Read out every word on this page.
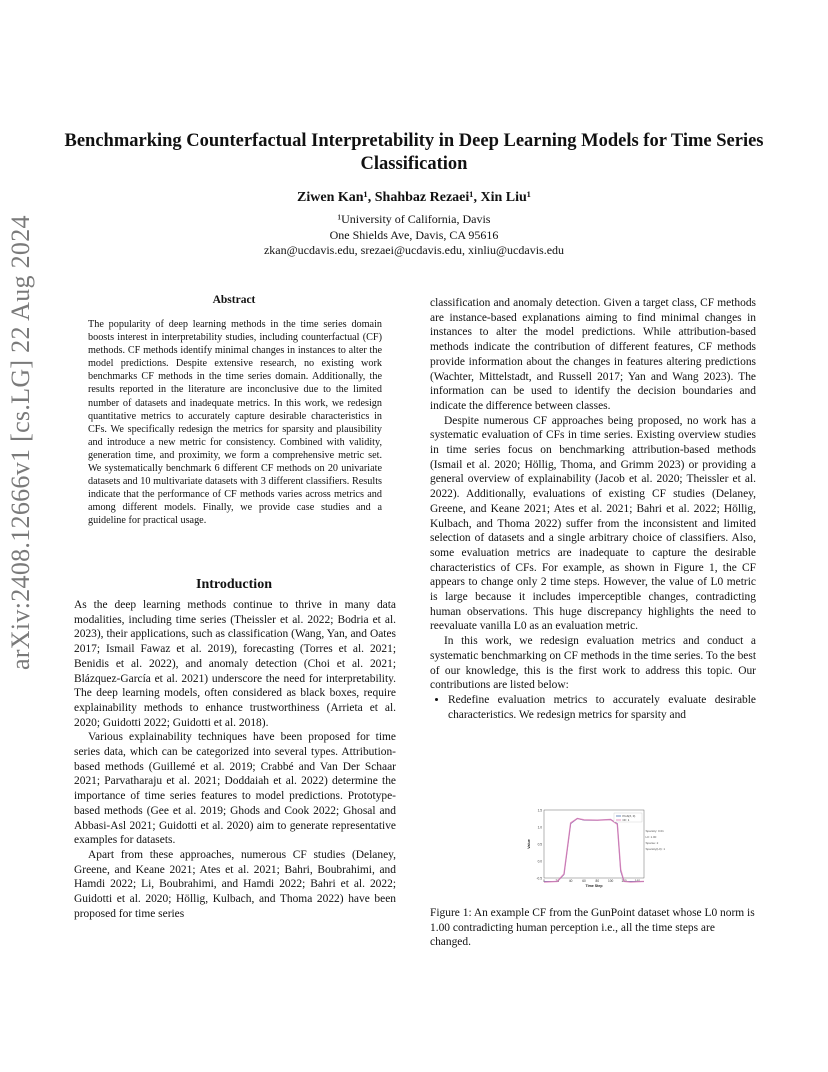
Benchmarking Counterfactual Interpretability in Deep Learning Models for Time Series Classification
Ziwen Kan¹, Shahbaz Rezaei¹, Xin Liu¹
¹University of California, Davis
One Shields Ave, Davis, CA 95616
zkan@ucdavis.edu, srezaei@ucdavis.edu, xinliu@ucdavis.edu
arXiv:2408.12666v1 [cs.LG] 22 Aug 2024	Abstract
The popularity of deep learning methods in the time series domain boosts interest in interpretability studies, including counterfactual (CF) methods. CF methods identify minimal changes in instances to alter the model predictions. Despite extensive research, no existing work benchmarks CF methods in the time series domain. Additionally, the results reported in the literature are inconclusive due to the limited number of datasets and inadequate metrics. In this work, we redesign quantitative metrics to accurately capture desirable characteristics in CFs. We specifically redesign the metrics for sparsity and plausibility and introduce a new metric for consistency. Combined with validity, generation time, and proximity, we form a comprehensive metric set. We systematically benchmark 6 different CF methods on 20 univariate datasets and 10 multivariate datasets with 3 different classifiers. Results indicate that the performance of CF methods varies across metrics and among different models. Finally, we provide case studies and a guideline for practical usage.
Introduction

As the deep learning methods continue to thrive in many data modalities, including time series (Theissler et al. 2022; Bodria et al. 2023), their applications, such as classification (Wang, Yan, and Oates 2017; Ismail Fawaz et al. 2019), forecasting (Torres et al. 2021; Benidis et al. 2022), and anomaly detection (Choi et al. 2021; Blázquez-García et al. 2021) underscore the need for interpretability. The deep learning models, often considered as black boxes, require explainability methods to enhance trustworthiness (Arrieta et al. 2020; Guidotti 2022; Guidotti et al. 2018).

Various explainability techniques have been proposed for time series data, which can be categorized into several types. Attribution-based methods (Guillemé et al. 2019; Crabbé and Van Der Schaar 2021; Parvatharaju et al. 2021; Doddaiah et al. 2022) determine the importance of time series features to model predictions. Prototype-based methods (Gee et al. 2019; Ghods and Cook 2022; Ghosal and Abbasi-Asl 2021; Guidotti et al. 2020) aim to generate representative examples for datasets.

Apart from these approaches, numerous CF studies (Delaney, Greene, and Keane 2021; Ates et al. 2021; Bahri, Boubrahimi, and Hamdi 2022; Li, Boubrahimi, and Hamdi 2022; Bahri et al. 2022; Guidotti et al. 2020; Höllig, Kulbach, and Thoma 2022) have been proposed for time series

classification and anomaly detection. Given a target class, CF methods are instance-based explanations aiming to find minimal changes in instances to alter the model predictions. While attribution-based methods indicate the contribution of different features, CF methods provide information about the changes in features altering predictions (Wachter, Mittelstadt, and Russell 2017; Yan and Wang 2023). The information can be used to identify the decision boundaries and indicate the difference between classes.

Despite numerous CF approaches being proposed, no work has a systematic evaluation of CFs in time series. Existing overview studies in time series focus on benchmarking attribution-based methods (Ismail et al. 2020; Höllig, Thoma, and Grimm 2023) or providing a general overview of explainability (Jacob et al. 2020; Theissler et al. 2022). Additionally, evaluations of existing CF studies (Delaney, Greene, and Keane 2021; Ates et al. 2021; Bahri et al. 2022; Höllig, Kulbach, and Thoma 2022) suffer from the inconsistent and limited selection of datasets and a single arbitrary choice of classifiers. Also, some evaluation metrics are inadequate to capture the desirable characteristics of CFs. For example, as shown in Figure 1, the CF appears to change only 2 time steps. However, the value of L0 metric is large because it includes imperceptible changes, contradicting human observations. This huge discrepancy highlights the need to reevaluate vanilla L0 as an evaluation metric.

In this work, we redesign evaluation metrics and conduct a systematic benchmarking on CF methods in the time series. To the best of our knowledge, this is the first work to address this topic. Our contributions are listed below:

• Redefine evaluation metrics to accurately evaluate desirable characteristics. We redesign metrics for sparsity and
1.5
1.0
0.5
0.0
-0.5
0	20	40	60	80	100	120	140
Time Step
Value
Prob(X, 0)
CF: 1
Sparsity: 0.01
L0: 1.00
Sparse: 2
Sparsity(L0): 1
Figure 1: An example CF from the GunPoint dataset whose L0 norm is 1.00 contradicting human perception i.e., all the time steps are changed.
